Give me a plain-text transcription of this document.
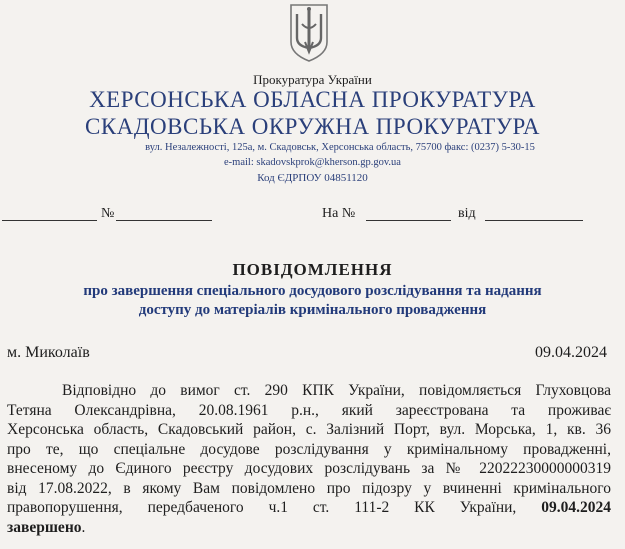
Прокуратура України
ХЕРСОНСЬКА ОБЛАСНА ПРОКУРАТУРА
СКАДОВСЬКА ОКРУЖНА ПРОКУРАТУРА
вул. Незалежності, 125а, м. Скадовськ, Херсонська область, 75700 факс: (0237) 5-30-15
e-mail: skadovskprok@kherson.gp.gov.ua
Код ЄДРПОУ 04851120
№	На №	від
ПОВІДОМЛЕННЯ
про завершення спеціального досудового розслідування та надання
доступу до матеріалів кримінального провадження
м. Миколаїв	09.04.2024
Відповідно до вимог ст. 290 КПК України, повідомляється Глуховцова
Тетяна Олександрівна, 20.08.1961 р.н., який зареєстрована та проживає
Херсонська область, Скадовський район, с. Залізний Порт, вул. Морська, 1, кв. 36
про те, що спеціальне досудове розслідування у кримінальному провадженні,
внесеному до Єдиного реєстру досудових розслідувань за № 22022230000000319
від 17.08.2022, в якому Вам повідомлено про підозру у вчиненні кримінального
правопорушення, передбаченого ч.1 ст. 111-2 КК України, 09.04.2024
завершено.
